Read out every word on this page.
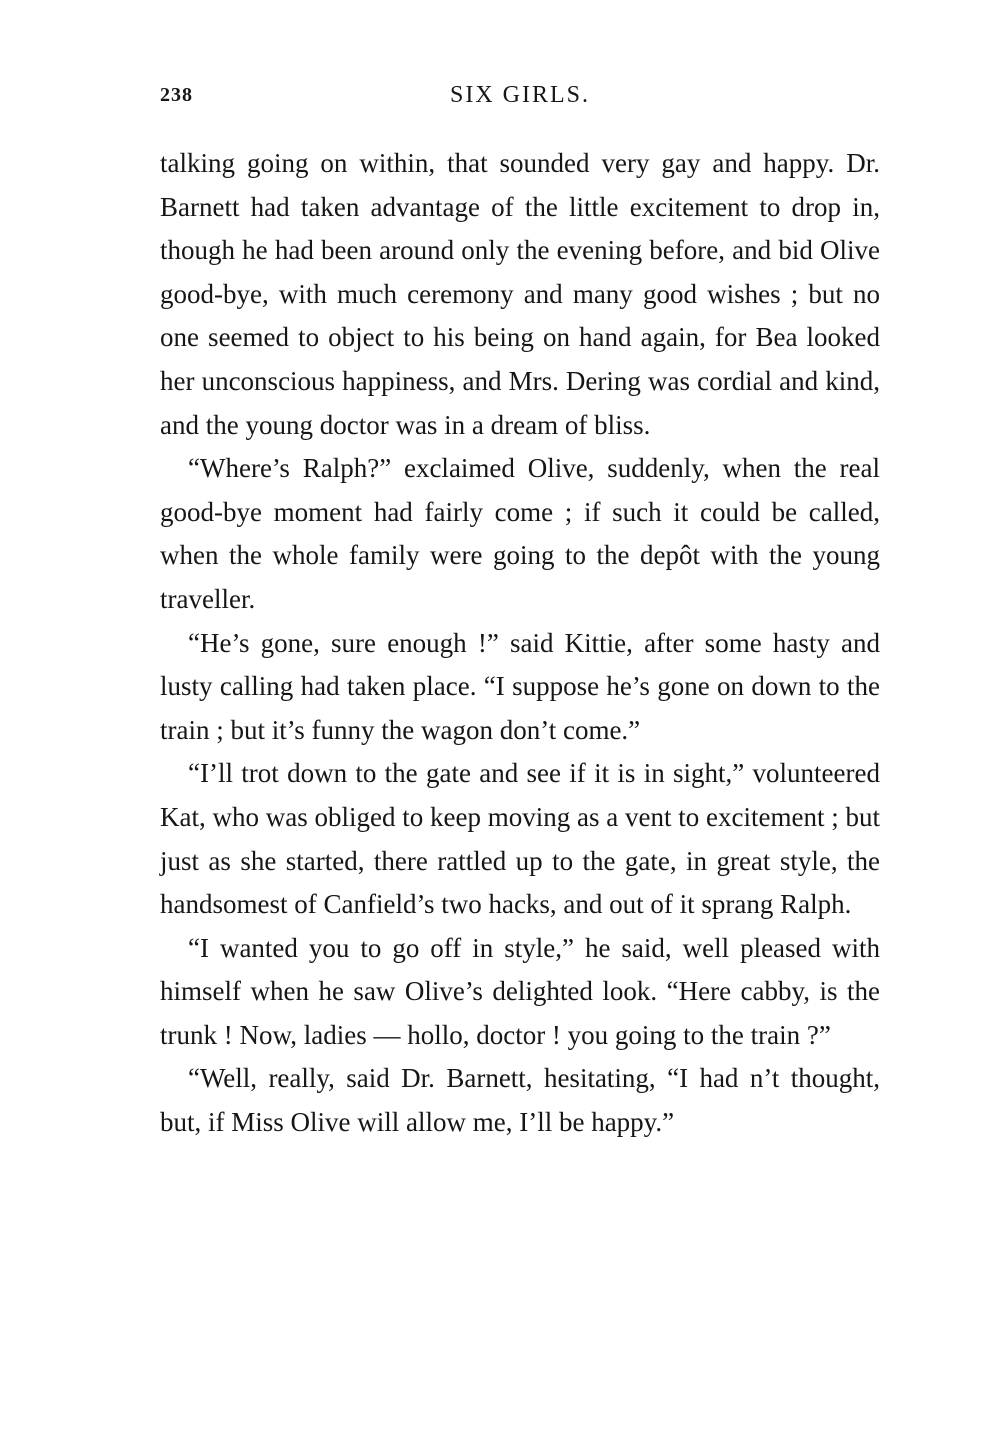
238	SIX GIRLS.

talking going on within, that sounded very gay and happy. Dr. Barnett had taken advantage of the little excitement to drop in, though he had been around only the evening before, and bid Olive good-bye, with much ceremony and many good wishes ; but no one seemed to object to his being on hand again, for Bea looked her unconscious happiness, and Mrs. Dering was cordial and kind, and the young doctor was in a dream of bliss.

“Where’s Ralph?” exclaimed Olive, suddenly, when the real good-bye moment had fairly come ; if such it could be called, when the whole family were going to the depôt with the young traveller.

“He’s gone, sure enough !” said Kittie, after some hasty and lusty calling had taken place. “I suppose he’s gone on down to the train ; but it’s funny the wagon don’t come.”

“I’ll trot down to the gate and see if it is in sight,” volunteered Kat, who was obliged to keep moving as a vent to excitement ; but just as she started, there rattled up to the gate, in great style, the handsomest of Canfield’s two hacks, and out of it sprang Ralph.

“I wanted you to go off in style,” he said, well pleased with himself when he saw Olive’s delighted look. “Here cabby, is the trunk ! Now, ladies — hollo, doctor ! you going to the train ?”

“Well, really, said Dr. Barnett, hesitating, “I had n’t thought, but, if Miss Olive will allow me, I’ll be happy.”
